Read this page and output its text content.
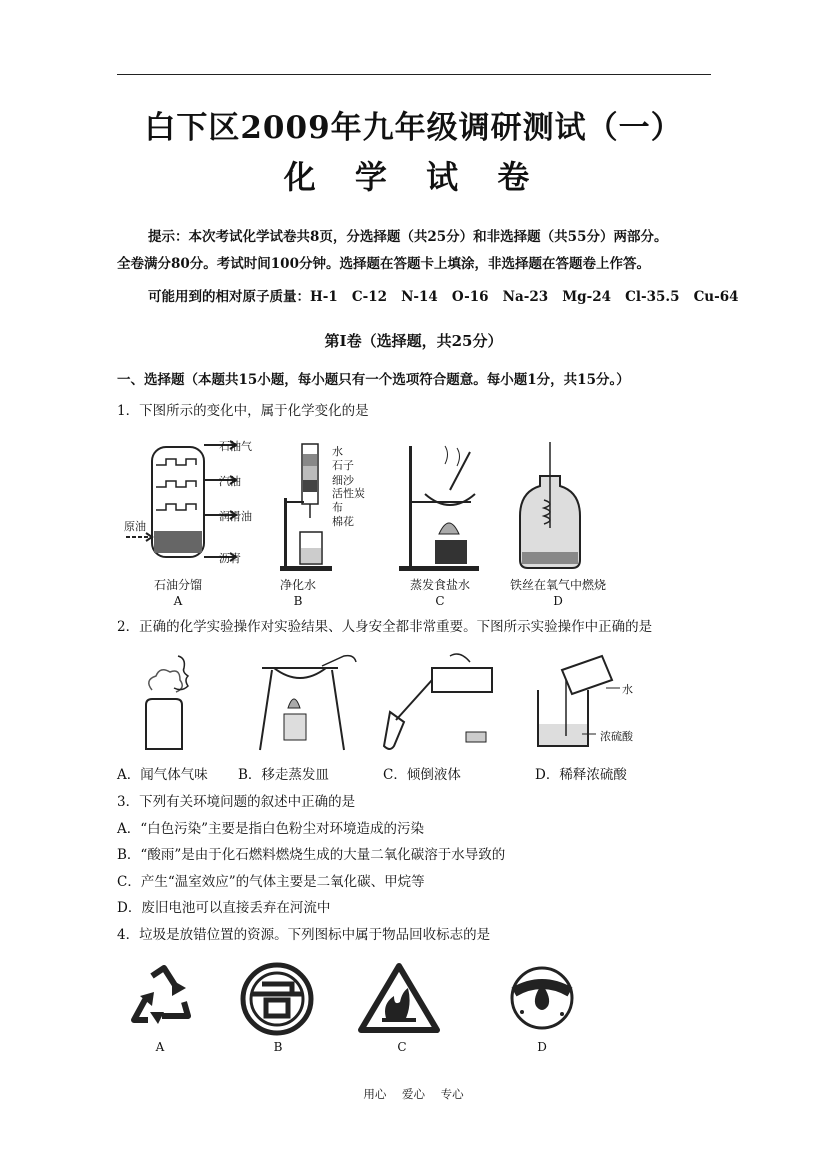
白下区2009年九年级调研测试（一）
化 学 试 卷
提示：本次考试化学试卷共8页，分选择题（共25分）和非选择题（共55分）两部分。
全卷满分80分。考试时间100分钟。选择题在答题卡上填涂，非选择题在答题卷上作答。
可能用到的相对原子质量：H-1   C-12   N-14   O-16   Na-23   Mg-24   Cl-35.5   Cu-64
第I卷（选择题，共25分）
一、选择题（本题共15小题，每小题只有一个选项符合题意。每小题1分，共15分。）
1．下图所示的变化中，属于化学变化的是
石油气
汽油
润滑油
原油
沥青
水
石子
细沙
活性炭
布
棉花
石油分馏	净化水	蒸发食盐水	铁丝在氧气中燃烧
A	B	C	D
2．正确的化学实验操作对实验结果、人身安全都非常重要。下图所示实验操作中正确的是
水
浓硫酸
A．闻气体气味 B．移走蒸发皿	C．倾倒液体	D．稀释浓硫酸
3．下列有关环境问题的叙述中正确的是
A．“白色污染”主要是指白色粉尘对环境造成的污染
B．“酸雨”是由于化石燃料燃烧生成的大量二氧化碳溶于水导致的
C．产生“温室效应”的气体主要是二氧化碳、甲烷等
D．废旧电池可以直接丢弃在河流中
4．垃圾是放错位置的资源。下列图标中属于物品回收标志的是
A	B	C	D
用心 爱心 专心
